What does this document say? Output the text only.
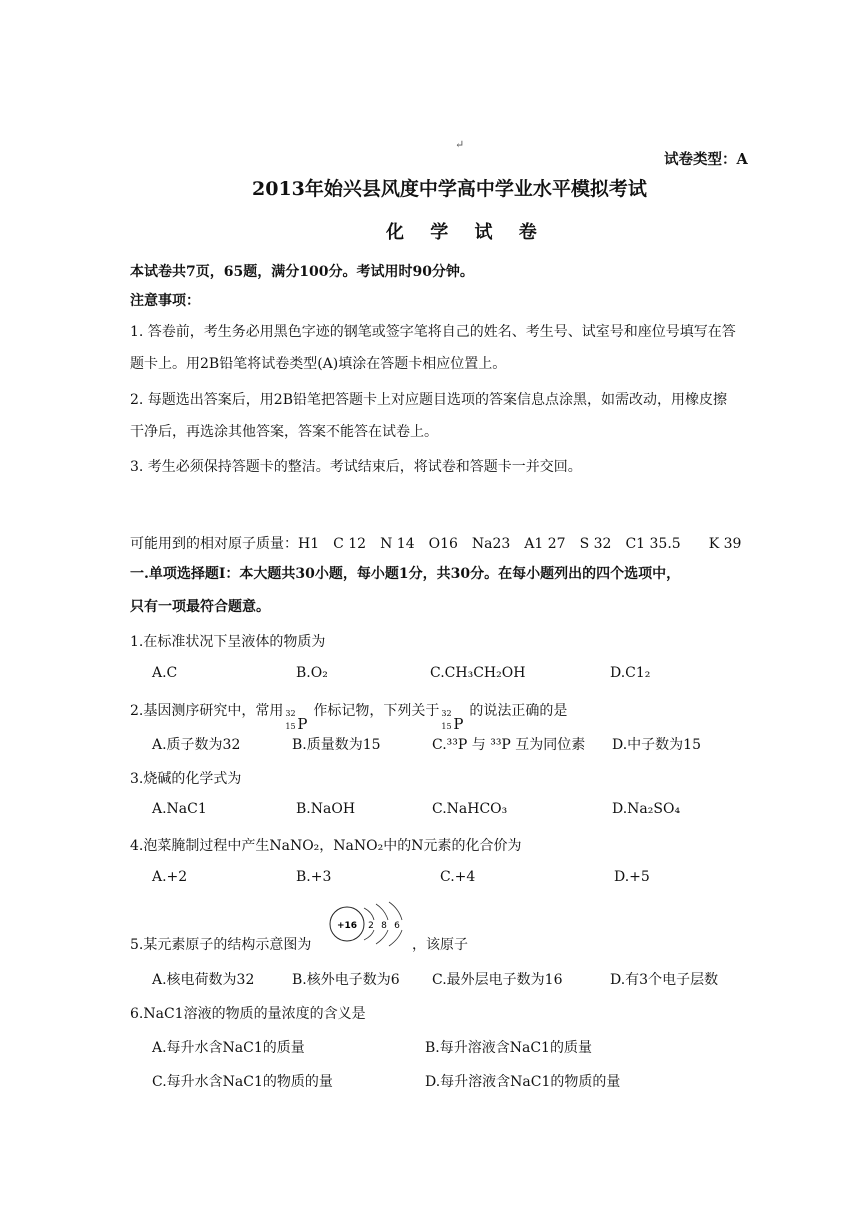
↵
试卷类型：A
2013年始兴县风度中学高中学业水平模拟考试
化 学 试 卷
本试卷共7页，65题，满分100分。考试用时90分钟。
注意事项：
1. 答卷前，考生务必用黑色字迹的钢笔或签字笔将自己的姓名、考生号、试室号和座位号填写在答
题卡上。用2B铅笔将试卷类型(A)填涂在答题卡相应位置上。
2. 每题选出答案后，用2B铅笔把答题卡上对应题目选项的答案信息点涂黑，如需改动，用橡皮擦
干净后，再选涂其他答案，答案不能答在试卷上。
3. 考生必须保持答题卡的整洁。考试结束后，将试卷和答题卡一并交回。
可能用到的相对原子质量：H1　C 12　N 14　O16　Na23　A1 27　S 32　C1 35.5　　K 39
一.单项选择题Ⅰ：本大题共30小题，每小题1分，共30分。在每小题列出的四个选项中，
只有一项最符合题意。
1.在标准状况下呈液体的物质为
A.C	B.O₂	C.CH₃CH₂OH	D.C1₂
2.基因测序研究中，常用 32
15 P
作标记物，下列关于 32
15 P
的说法正确的是
A.质子数为32	B.质量数为15	C.³³P 与 ³³P 互为同位素 D.中子数为15
3.烧碱的化学式为
A.NaC1	B.NaOH	C.NaHCO₃	D.Na₂SO₄
4.泡菜腌制过程中产生NaNO₂，NaNO₂中的N元素的化合价为
A.+2	B.+3	C.+4	D.+5
5.某元素原子的结构示意图为
+16 2 8 6
，该原子
A.核电荷数为32	B.核外电子数为6 C.最外层电子数为16	D.有3个电子层数
6.NaC1溶液的物质的量浓度的含义是
A.每升水含NaC1的质量	B.每升溶液含NaC1的质量
C.每升水含NaC1的物质的量	D.每升溶液含NaC1的物质的量
